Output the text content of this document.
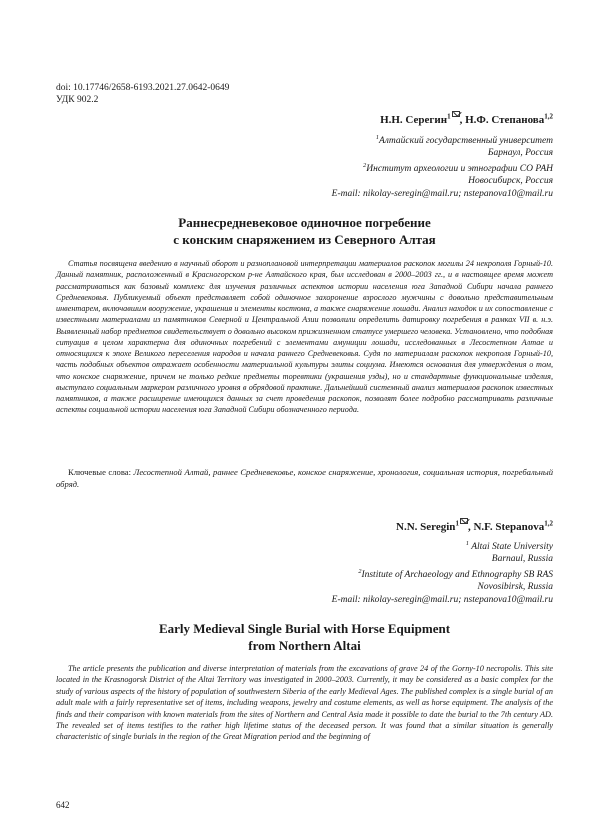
doi: 10.17746/2658-6193.2021.27.0642-0649
УДК 902.2
Н.Н. Серегин$^1$ , Н.Ф. Степанова$^{1,2}$
$^1$Алтайский государственный университет
Барнаул, Россия
$^2$Институт археологии и этнографии СО РАН
Новосибирск, Россия
E-mail: nikolay-seregin@mail.ru; nstepanova10@mail.ru
Раннесредневековое одиночное погребение
с конским снаряжением из Северного Алтая
Статья посвящена введению в научный оборот и разноплановой интерпретации материалов раскопок могилы 24 некрополя Горный-10. Данный памятник, расположенный в Красногорском р-не Алтайского края, был исследован в 2000–2003 гг., и в настоящее время может рассматриваться как базовый комплекс для изучения различных аспектов истории населения юга Западной Сибири начала раннего Средневековья. Публикуемый объект представляет собой одиночное захоронение взрослого мужчины с довольно представительным инвентарем, включавшим вооружение, украшения и элементы костюма, а также снаряжение лошади. Анализ находок и их сопоставление с известными материалами из памятников Северной и Центральной Азии позволили определить датировку погребения в рамках VII в. н.э. Выявленный набор предметов свидетельствует о довольно высоком прижизненном статусе умершего человека. Установлено, что подобная ситуация в целом характерна для одиночных погребений с элементами амуниции лошади, исследованных в Лесостепном Алтае и относящихся к эпохе Великого переселения народов и начала раннего Средневековья. Судя по материалам раскопок некрополя Горный-10, часть подобных объектов отражает особенности материальной культуры элиты социума. Имеются основания для утверждения о том, что конское снаряжение, причем не только редкие предметы торевтики (украшения узды), но и стандартные функциональные изделия, выступало социальным маркером различного уровня в обрядовой практике. Дальнейший системный анализ материалов раскопок известных памятников, а также расширение имеющихся данных за счет проведения раскопок, позволят более подробно рассматривать различные аспекты социальной истории населения юга Западной Сибири обозначенного периода.
Ключевые слова: Лесостепной Алтай, раннее Средневековье, конское снаряжение, хронология, социальная история, погребальный обряд.
N.N. Seregin$^1$ , N.F. Stepanova$^{1,2}$
$^1$ Altai State University
Barnaul, Russia
$^2$Institute of Archaeology and Ethnography SB RAS
Novosibirsk, Russia
E-mail: nikolay-seregin@mail.ru; nstepanova10@mail.ru
Early Medieval Single Burial with Horse Equipment
from Northern Altai
The article presents the publication and diverse interpretation of materials from the excavations of grave 24 of the Gorny-10 necropolis. This site located in the Krasnogorsk District of the Altai Territory was investigated in 2000–2003. Currently, it may be considered as a basic complex for the study of various aspects of the history of population of southwestern Siberia of the early Medieval Ages. The published complex is a single burial of an adult male with a fairly representative set of items, including weapons, jewelry and costume elements, as well as horse equipment. The analysis of the finds and their comparison with known materials from the sites of Northern and Central Asia made it possible to date the burial to the 7th century AD. The revealed set of items testifies to the rather high lifetime status of the deceased person. It was found that a similar situation is generally characteristic of single burials in the region of the Great Migration period and the beginning of
642
